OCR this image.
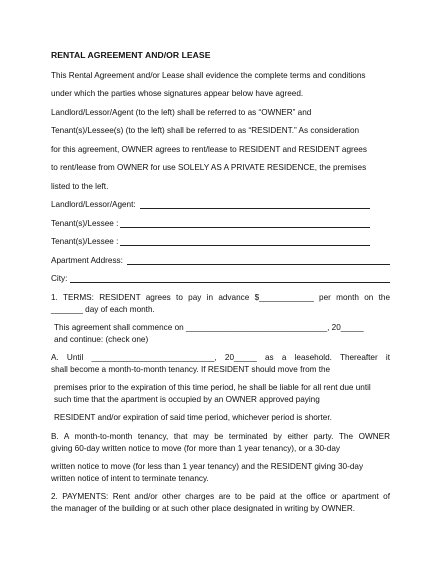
RENTAL AGREEMENT AND/OR LEASE
This Rental Agreement and/or Lease shall evidence the complete terms and conditions
under which the parties whose signatures appear below have agreed.
Landlord/Lessor/Agent (to the left) shall be referred to as “OWNER” and
Tenant(s)/Lessee(s) (to the left) shall be referred to as “RESIDENT.” As consideration
for this agreement, OWNER agrees to rent/lease to RESIDENT and RESIDENT agrees
to rent/lease from OWNER for use SOLELY AS A PRIVATE RESIDENCE, the premises
listed to the left.
Landlord/Lessor/Agent:
Tenant(s)/Lessee :
Tenant(s)/Lessee :
Apartment Address:
City:
1. TERMS: RESIDENT agrees to pay in advance $____________ per month on the
_______ day of each month.
This agreement shall commence on _______________________________, 20_____
and continue: (check one)
A. Until ___________________________, 20_____ as a leasehold. Thereafter it
shall become a month-to-month tenancy. If RESIDENT should move from the
premises prior to the expiration of this time period, he shall be liable for all rent due until
such time that the apartment is occupied by an OWNER approved paying
RESIDENT and/or expiration of said time period, whichever period is shorter.
B. A month-to-month tenancy, that may be terminated by either party. The OWNER
giving 60-day written notice to move (for more than 1 year tenancy), or a 30-day
written notice to move (for less than 1 year tenancy) and the RESIDENT giving 30-day
written notice of intent to terminate tenancy.
2. PAYMENTS: Rent and/or other charges are to be paid at the office or apartment of
the manager of the building or at such other place designated in writing by OWNER.
